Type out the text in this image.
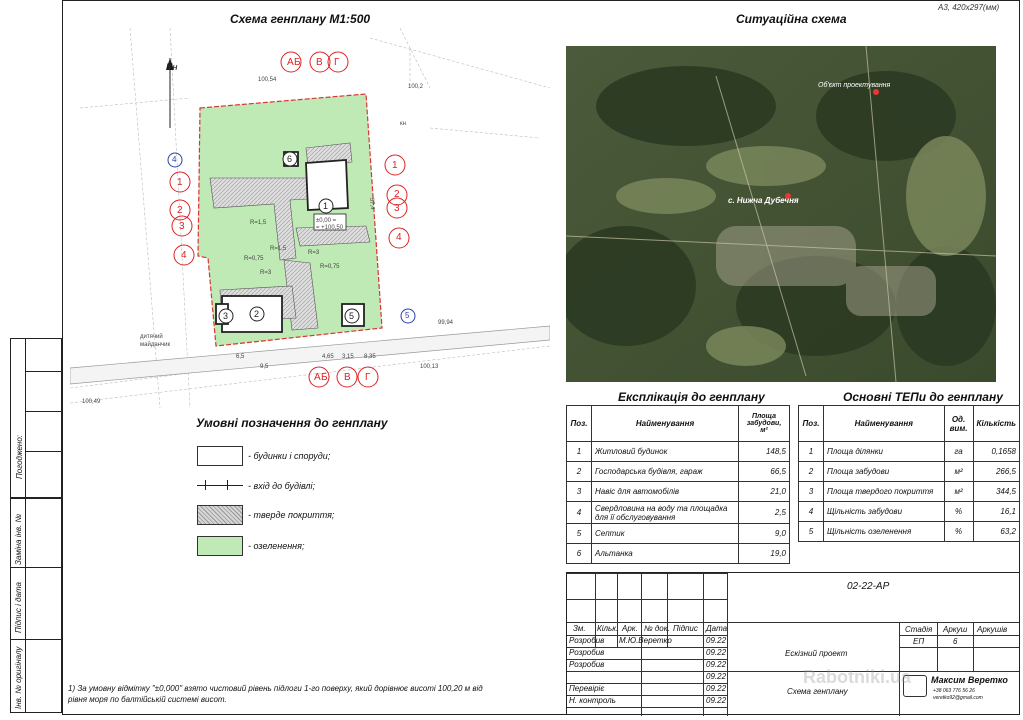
A3, 420x297(мм)
Погоджено:
Заміна інв. №
Підпис і дата
Інв. № оригіналу
Схема генплану М1:500
6
1
2
3	5
±0,00 =
= +100,50
R=1,5
R=3
R=3
R=1,5
R=0,75
R=0,75
6,5
9,5
4,65 3,15 8,35
дитячий
майданчик
кн
99,94
100,13
100,49
100,2
100,54
57,4
Пн	А Б В Г
А Б В Г
1
2
3
4
1
2
3
4
4
5
Ситуаційна схема
Об'єкт проектування
с. Нижча Дубечня
Умовні позначення до генплану
- будинки і споруди;
- вхід до будівлі;
- тверде покриття;
- озеленення;
Експлікація до генплану
Поз.	Найменування	Площа забудови, м²
1	Житловий будинок	148,5
2	Господарська будівля, гараж	66,5
3	Навіс для автомобілів	21,0
4	Свердловина на воду та площадка для її обслуговування	2,5
5	Септик	9,0
6	Альтанка	19,0
Основні ТЕПи до генплану
Поз.	Найменування	Од. вим.	Кількість
1	Площа ділянки	га	0,1658
2	Площа забудови	м²	266,5
3	Площа твердого покриття	м²	344,5
4	Щільність забудови	%	16,1
5	Щільність озеленення	%	63,2
1) За умовну відмітку "±0,000" взято чистовий рівень підлоги 1-го поверху, який дорівнює висоті 100,20 м від рівня моря по балтійській системі висот.
02-22-АР
Зм. Кільк. Арк. № док. Підпис Дата
Розробив М.Ю.Веретко	09.22
Розробив	09.22
Розробив	09.22
09.22
Перевіріє	09.22
Н. контроль	09.22
Ескізний проект
Схема генплану
Стадія Аркуш Аркушів
ЕП	6
Максим Веретко
+38 063 776 56 26
veretko92@gmail.com
Rabotniki.ua
